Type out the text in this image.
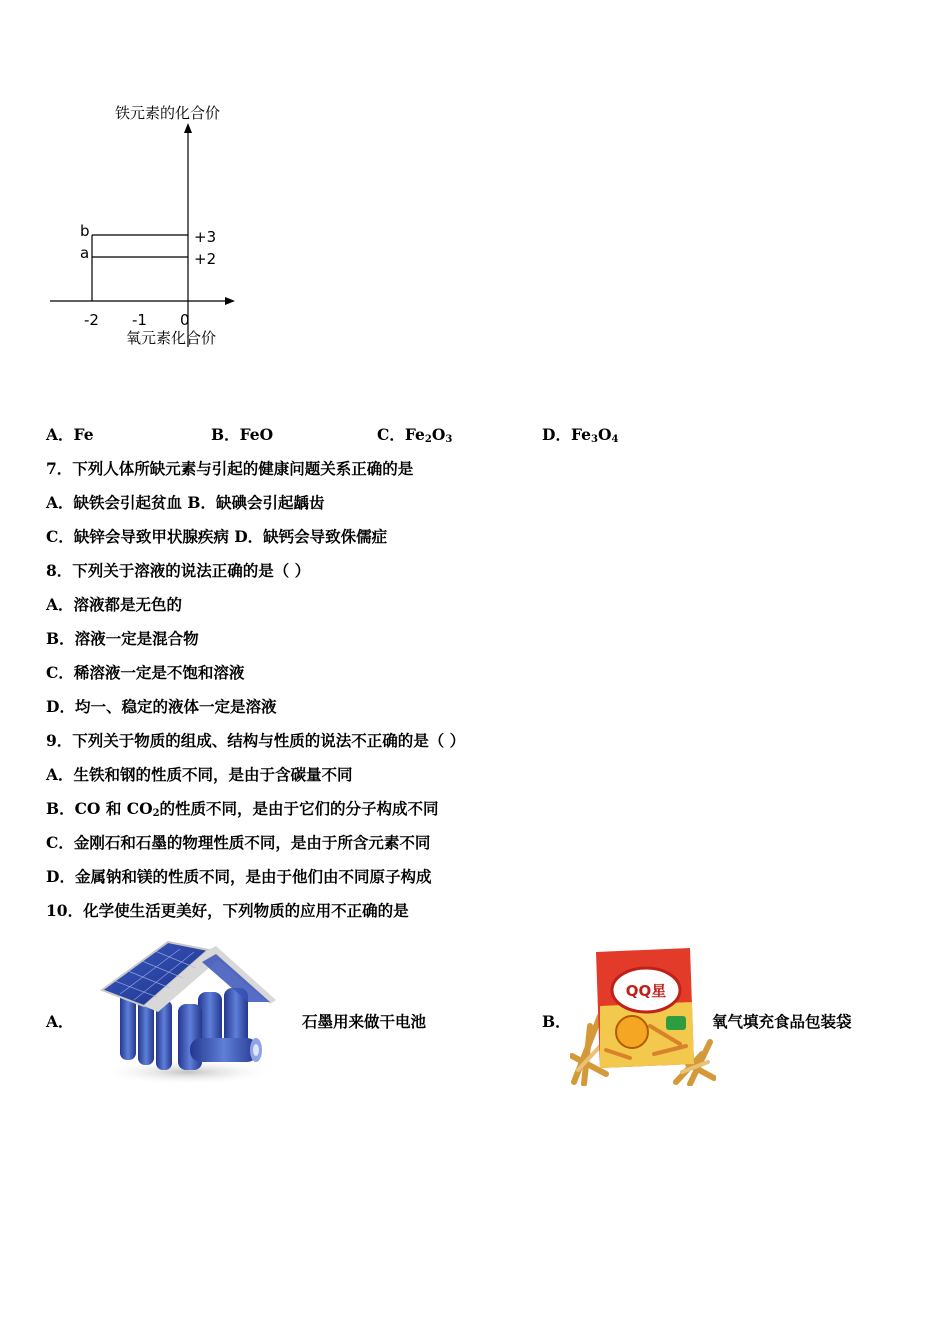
铁元素的化合价
a
b
+2
+3
-2 -1 0
氧元素化合价
A．Fe	B．FeO	C．$Fe_2O_3$	D．$Fe_3O_4$
7．下列人体所缺元素与引起的健康问题关系正确的是
A．缺铁会引起贫血 B．缺碘会引起龋齿
C．缺锌会导致甲状腺疾病 D．缺钙会导致侏儒症
8．下列关于溶液的说法正确的是（ ）
A．溶液都是无色的
B．溶液一定是混合物
C．稀溶液一定是不饱和溶液
D．均一、稳定的液体一定是溶液
9．下列关于物质的组成、结构与性质的说法不正确的是（ ）
A．生铁和钢的性质不同，是由于含碳量不同
B．CO 和 $CO_2$的性质不同，是由于它们的分子构成不同
C．金刚石和石墨的物理性质不同，是由于所含元素不同
D．金属钠和镁的性质不同，是由于他们由不同原子构成
10．化学使生活更美好，下列物质的应用不正确的是
A．	石墨用来做干电池	B．
QQ星
氧气填充食品包装袋
